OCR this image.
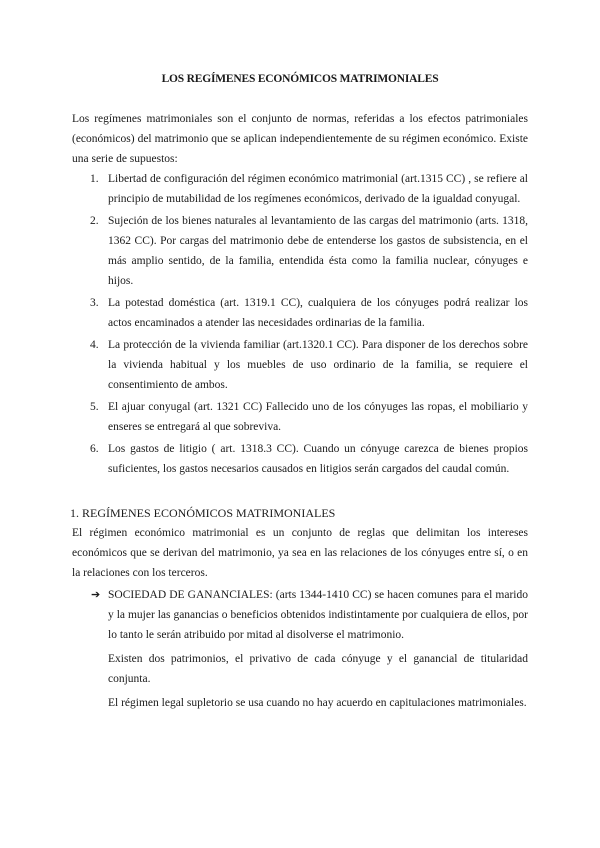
LOS REGÍMENES ECONÓMICOS MATRIMONIALES

Los regímenes matrimoniales son el conjunto de normas, referidas a los efectos patrimoniales (económicos) del matrimonio que se aplican independientemente de su régimen económico. Existe una serie de supuestos:

1. Libertad de configuración del régimen económico matrimonial (art.1315 CC) , se refiere al principio de mutabilidad de los regímenes económicos, derivado de la igualdad conyugal.
2. Sujeción de los bienes naturales al levantamiento de las cargas del matrimonio (arts. 1318, 1362 CC). Por cargas del matrimonio debe de entenderse los gastos de subsistencia, en el más amplio sentido, de la familia, entendida ésta como la familia nuclear, cónyuges e hijos.
3. La potestad doméstica (art. 1319.1 CC), cualquiera de los cónyuges podrá realizar los actos encaminados a atender las necesidades ordinarias de la familia.
4. La protección de la vivienda familiar (art.1320.1 CC). Para disponer de los derechos sobre la vivienda habitual y los muebles de uso ordinario de la familia, se requiere el consentimiento de ambos.
5. El ajuar conyugal (art. 1321 CC) Fallecido uno de los cónyuges las ropas, el mobiliario y enseres se entregará al que sobreviva.
6. Los gastos de litigio ( art. 1318.3 CC). Cuando un cónyuge carezca de bienes propios suficientes, los gastos necesarios causados en litigios serán cargados del caudal común.
1. REGÍMENES ECONÓMICOS MATRIMONIALES

El régimen económico matrimonial es un conjunto de reglas que delimitan los intereses económicos que se derivan del matrimonio, ya sea en las relaciones de los cónyuges entre sí, o en la relaciones con los terceros.

➔ SOCIEDAD DE GANANCIALES: (arts 1344-1410 CC) se hacen comunes para el marido y la mujer las ganancias o beneficios obtenidos indistintamente por cualquiera de ellos, por lo tanto le serán atribuido por mitad al disolverse el matrimonio.

Existen dos patrimonios, el privativo de cada cónyuge y el ganancial de titularidad conjunta.

El régimen legal supletorio se usa cuando no hay acuerdo en capitulaciones matrimoniales.
